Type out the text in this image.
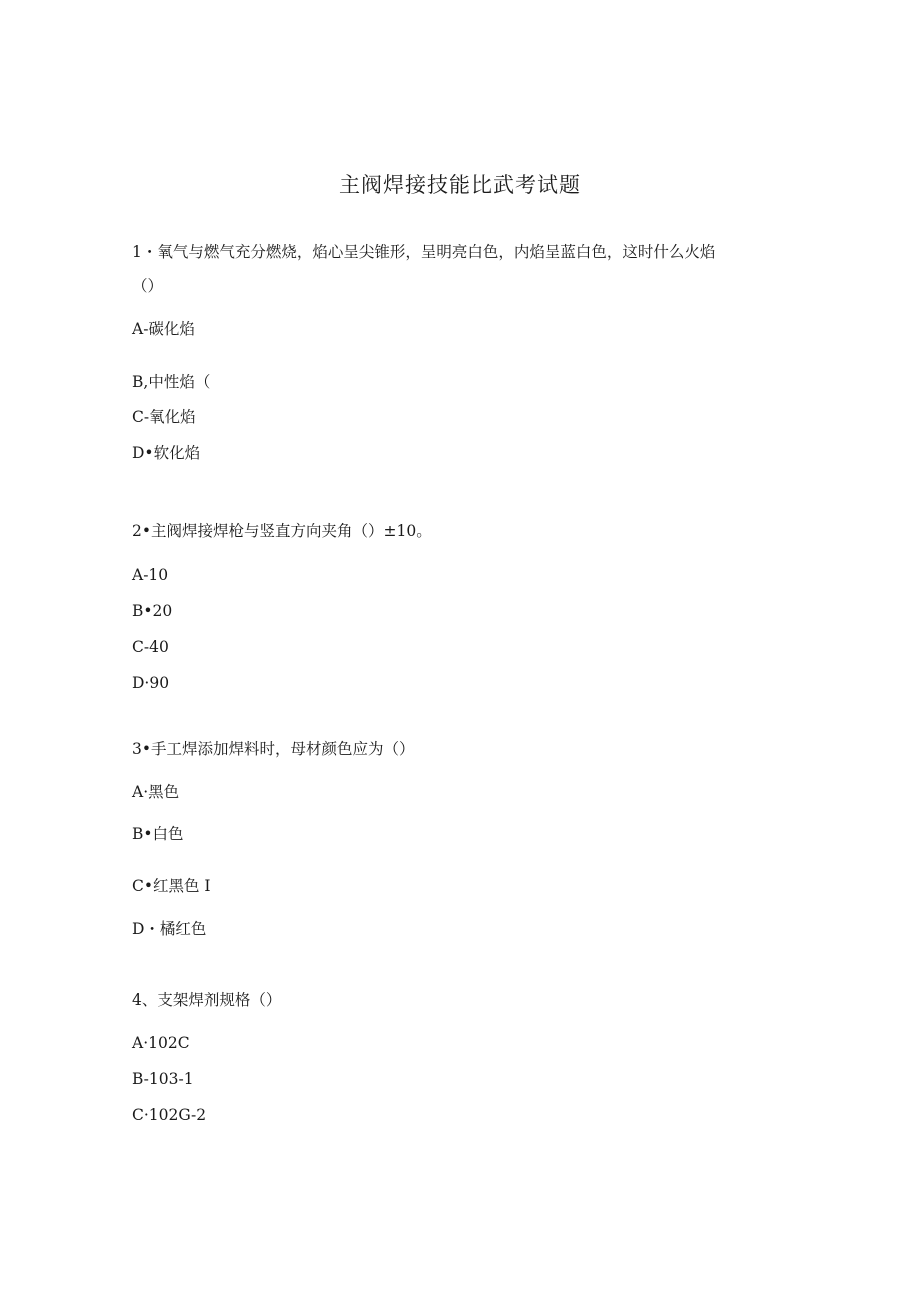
主阀焊接技能比武考试题
1・氧气与燃气充分燃烧，焰心呈尖锥形，呈明亮白色，内焰呈蓝白色，这时什么火焰
（）
A-碳化焰
B,中性焰（
C-氧化焰
D•软化焰
2•主阀焊接焊枪与竖直方向夹角（）±10。
A-10
B•20
C-40
D·90
3•手工焊添加焊料时，母材颜色应为（）
A·黑色
B•白色
C•红黑色 I
D・橘红色
4、支架焊剂规格（）
A·102C
B-103-1
C·102G-2
